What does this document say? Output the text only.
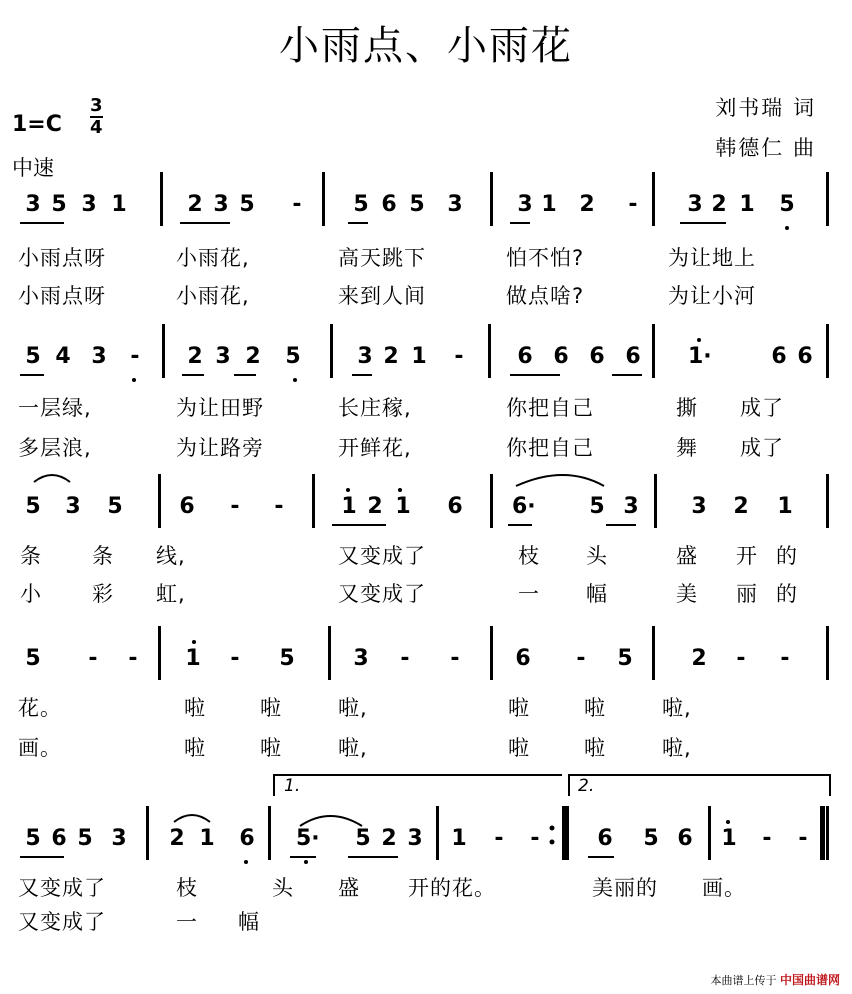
小雨点、小雨花
$1=C \frac{3}{4}$
中速
刘书瑞 词
韩德仁 曲
3 5 3 1	2 3 5 - 5 6 5 3 3 1 2 - 3 2 1 5
小雨点呀	小雨花,	高天跳下	怕不怕?	为让地上
小雨点呀	小雨花,	来到人间	做点啥?	为让小河
5 4 3 - 2 3 2 5	3 2 1 - 6 6 6 6 1·	6 6
一层绿,	为让田野	长庄稼,	你把自己	撕 成了
多层浪,	为让路旁	开鲜花,	你把自己	舞 成了
5 3 5	6 - -	1 2 1 6 6· 5 3 3 2 1
条 条 线,	又变成了	枝 头	盛 开 的
小 彩 虹,	又变成了	一 幅	美 丽 的
5 - - 1 - 5	3 - -	6 - 5	2 - -
花。	啦	啦	啦,	啦	啦	啦,
画。	啦	啦	啦,	啦	啦	啦,
5 6 5 3 2 1 6 5· 5 2 3 1 - -	6 5 6 1 - -
又变成了	枝	头 盛 开的 花。	美丽的 画。
又变成了	一 幅
1.	2.
本曲谱上传于 中国曲谱网
